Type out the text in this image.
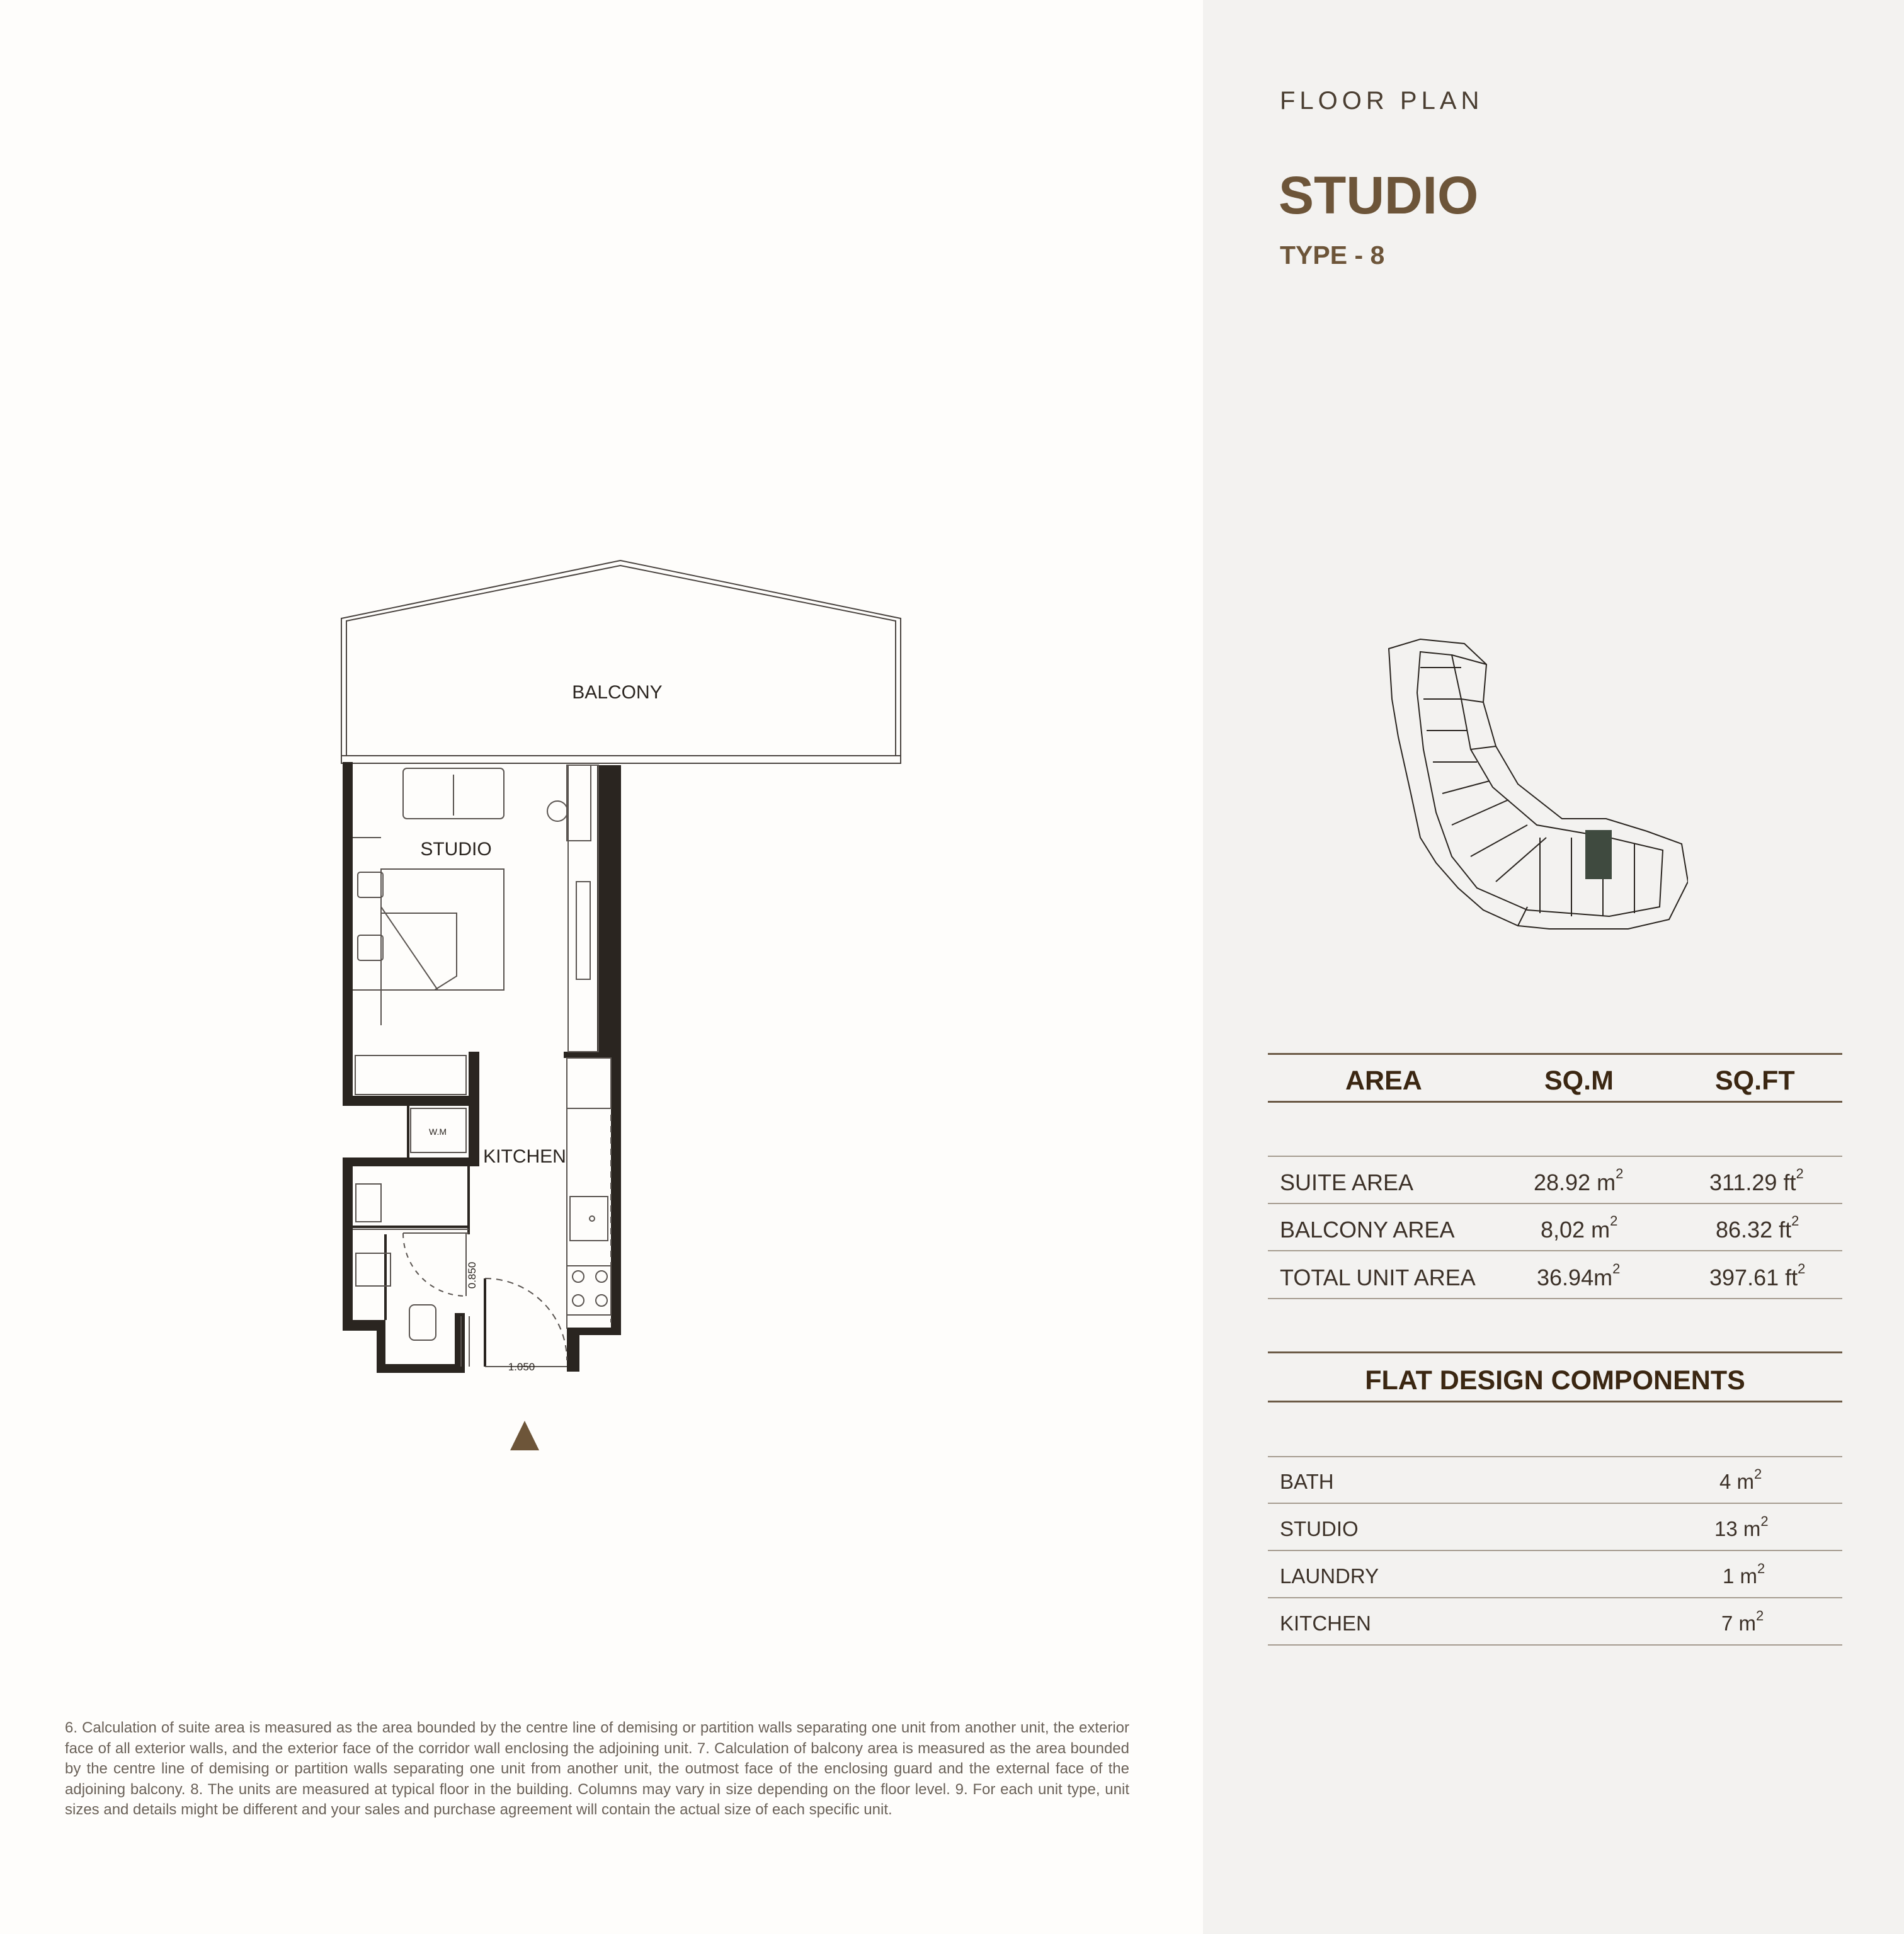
FLOOR PLAN
STUDIO
TYPE - 8
BALCONY
STUDIO
KITCHEN
W.M
1.050
0.850
AREA	SQ.M	SQ.FT
SUITE AREA	28.92 $m^2$	311.29 $ft^2$
BALCONY AREA	8,02 $m^2$	86.32 $ft^2$
TOTAL UNIT AREA	$36.94m^2$	397.61 $ft^2$
FLAT DESIGN COMPONENTS
BATH	4 $m^2$
STUDIO	13 $m^2$
LAUNDRY	1 $m^2$
KITCHEN	7 $m^2$
6. Calculation of suite area is measured as the area bounded by the centre line of demising or partition walls separating one unit from another unit, the exterior face of all exterior walls, and the exterior face of the corridor wall enclosing the adjoining unit. 7. Calculation of balcony area is measured as the area bounded by the centre line of demising or partition walls separating one unit from another unit, the outmost face of the enclosing guard and the external face of the adjoining balcony. 8. The units are measured at typical floor in the building. Columns may vary in size depending on the floor level. 9. For each unit type, unit sizes and details might be different and your sales and purchase agreement will contain the actual size of each specific unit.
